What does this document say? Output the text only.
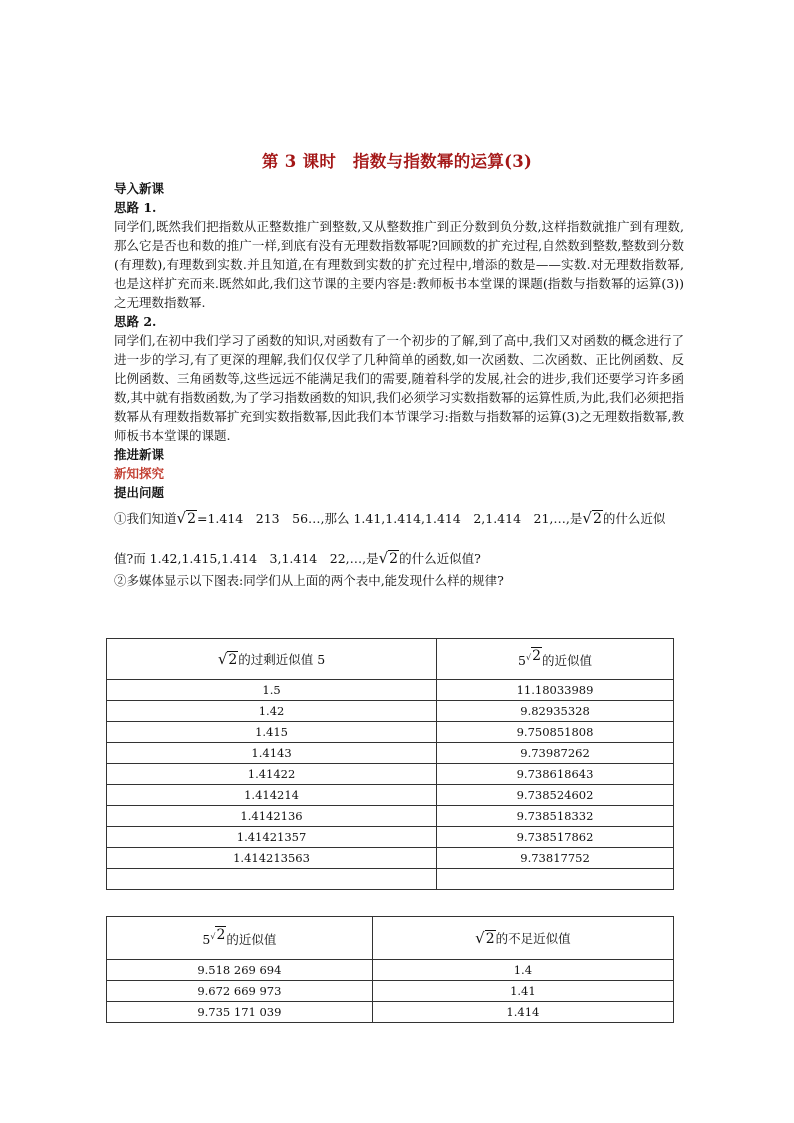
第 3 课时　指数与指数幂的运算(3)
导入新课
思路 1.

同学们,既然我们把指数从正整数推广到整数,又从整数推广到正分数到负分数,这样指数就推广到有理数,那么它是否也和数的推广一样,到底有没有无理数指数幂呢?回顾数的扩充过程,自然数到整数,整数到分数(有理数),有理数到实数.并且知道,在有理数到实数的扩充过程中,增添的数是——实数.对无理数指数幂,也是这样扩充而来.既然如此,我们这节课的主要内容是:教师板书本堂课的课题(指数与指数幂的运算(3))之无理数指数幂.

思路 2.

同学们,在初中我们学习了函数的知识,对函数有了一个初步的了解,到了高中,我们又对函数的概念进行了进一步的学习,有了更深的理解,我们仅仅学了几种简单的函数,如一次函数、二次函数、正比例函数、反比例函数、三角函数等,这些远远不能满足我们的需要,随着科学的发展,社会的进步,我们还要学习许多函数,其中就有指数函数,为了学习指数函数的知识,我们必须学习实数指数幂的运算性质,为此,我们必须把指数幂从有理数指数幂扩充到实数指数幂,因此我们本节课学习:指数与指数幂的运算(3)之无理数指数幂,教师板书本堂课的课题.

推进新课
新知探究
提出问题

①我们知道√2=1.414　213　56…,那么 1.41,1.414,1.414　2,1.414　21,…,是√2的什么近似

值?而 1.42,1.415,1.414　3,1.414　22,…,是√2的什么近似值?

②多媒体显示以下图表:同学们从上面的两个表中,能发现什么样的规律?

√2的过剩近似值 5	$5^{√2}$的近似值
1.5	11.18033989
1.42	9.82935328
1.415	9.750851808
1.4143	9.73987262
1.41422	9.738618643
1.414214	9.738524602
1.4142136	9.738518332
1.41421357	9.738517862
1.414213563	9.73817752

$5^{√2}$的近似值	√2的不足近似值
9.518 269 694	1.4
9.672 669 973	1.41
9.735 171 039	1.414
